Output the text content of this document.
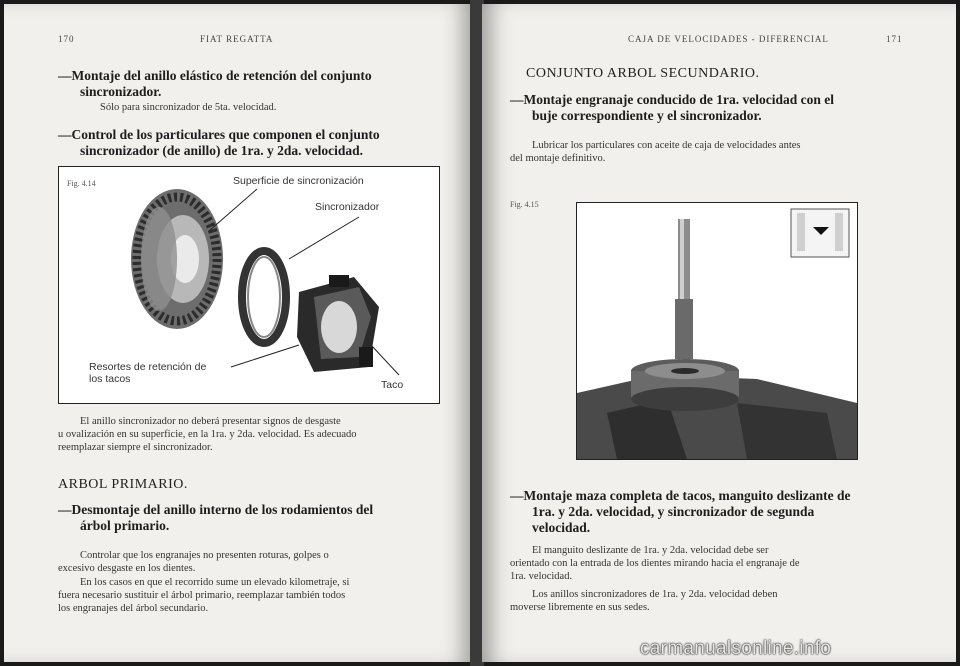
170	FIAT REGATTA
—Montaje del anillo elástico de retención del conjunto
sincronizador.
Sólo para sincronizador de 5ta. velocidad.
—Control de los particulares que componen el conjunto
sincronizador (de anillo) de 1ra. y 2da. velocidad.
Fig. 4.14	Superficie de sincronización
Sincronizador
Resortes de retención de
los tacos	Taco
El anillo sincronizador no deberá presentar signos de desgaste
u ovalización en su superficie, en la 1ra. y 2da. velocidad. Es adecuado
reemplazar siempre el sincronizador.
ARBOL PRIMARIO.
—Desmontaje del anillo interno de los rodamientos del
árbol primario.
Controlar que los engranajes no presenten roturas, golpes o
excesivo desgaste en los dientes.
En los casos en que el recorrido sume un elevado kilometraje, si
fuera necesario sustituir el árbol primario, reemplazar también todos
los engranajes del árbol secundario.
CAJA DE VELOCIDADES - DIFERENCIAL	171
CONJUNTO ARBOL SECUNDARIO.
—Montaje engranaje conducido de 1ra. velocidad con el
buje correspondiente y el sincronizador.
Lubricar los particulares con aceite de caja de velocidades antes
del montaje definitivo.
Fig. 4.15
—Montaje maza completa de tacos, manguito deslizante de
1ra. y 2da. velocidad, y sincronizador de segunda
velocidad.
El manguito deslizante de 1ra. y 2da. velocidad debe ser
orientado con la entrada de los dientes mirando hacia el engranaje de
1ra. velocidad.
Los anillos sincronizadores de 1ra. y 2da. velocidad deben
moverse libremente en sus sedes.
carmanualsonline.info
